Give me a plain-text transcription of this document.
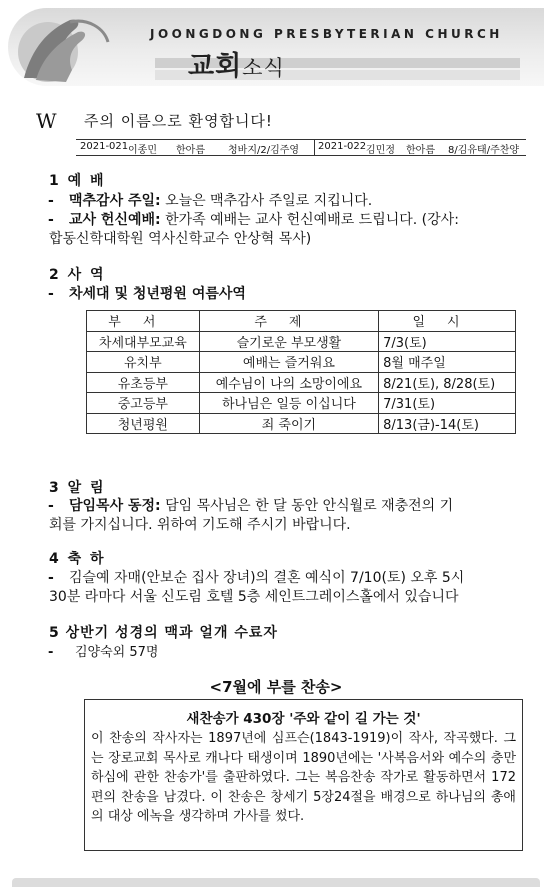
JOONGDONG PRESBYTERIAN CHURCH
교회소식
W 주의 이름으로 환영합니다!
2021-021 이종민 한아름 청바지/2/김주영 2021-022 김민정 한아름 8/김유태/주찬양
1 예 배
-	맥추감사 주일: 오늘은 맥추감사 주일로 지킵니다.
-	교사 헌신예배: 한가족 예배는 교사 헌신예배로 드립니다. (강사:
합동신학대학원 역사신학교수 안상혁 목사)
2 사 역
-	차세대 및 청년평원 여름사역
부서	주제	일시
차세대부모교육	슬기로운 부모생활	7/3(토)
유치부	예배는 즐거워요	8월 매주일
유초등부	예수님이 나의 소망이에요	8/21(토), 8/28(토)
중고등부	하나님은 일등 이십니다	7/31(토)
청년평원	죄 죽이기	8/13(금)-14(토)
3 알 림
-	담임목사 동정: 담임 목사님은 한 달 동안 안식월로 재충전의 기
회를 가지십니다. 위하여 기도해 주시기 바랍니다.
4 축 하
-	김슬예 자매(안보순 집사 장녀)의 결혼 예식이 7/10(토) 오후 5시
30분 라마다 서울 신도림 호텔 5층 세인트그레이스홀에서 있습니다
5 상반기 성경의 맥과 얼개 수료자
-	김양숙외 57명
<7월에 부를 찬송>
새찬송가 430장 '주와 같이 길 가는 것'
이 찬송의 작사자는 1897년에 심프슨(1843-1919)이 작사, 작곡했다. 그는 장로교회 목사로 캐나다 태생이며 1890년에는 '사복음서와 예수의 충만하심에 관한 찬송가'를 출판하였다. 그는 복음찬송 작가로 활동하면서 172편의 찬송을 남겼다. 이 찬송은 창세기 5장24절을 배경으로 하나님의 총애의 대상 에녹을 생각하며 가사를 썼다.
